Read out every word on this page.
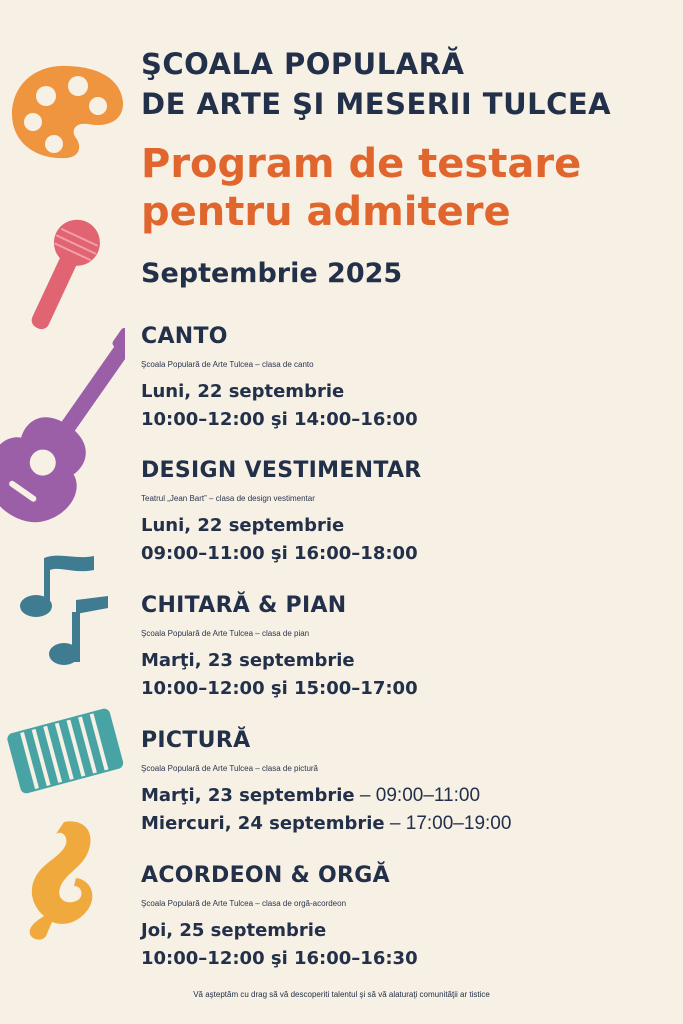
ŞCOALA POPULARĂ
DE ARTE ŞI MESERII TULCEA
Program de testare
pentru admitere
Septembrie 2025
CANTO
Şcoala Populară de Arte Tulcea – clasa de canto
Luni, 22 septembrie
10:00–12:00 şi 14:00–16:00
DESIGN VESTIMENTAR
Teatrul „Jean Bart” – clasa de design vestimentar
Luni, 22 septembrie
09:00–11:00 şi 16:00–18:00
CHITARĂ & PIAN
Şcoala Populară de Arte Tulcea – clasa de pian
Marţi, 23 septembrie
10:00–12:00 şi 15:00–17:00
PICTURĂ
Şcoala Populară de Arte Tulcea – clasa de pictură
Marţi, 23 septembrie – 09:00–11:00
Miercuri, 24 septembrie – 17:00–19:00
ACORDEON & ORGĂ
Şcoala Populară de Arte Tulcea – clasa de orgă-acordeon
Joi, 25 septembrie
10:00–12:00 şi 16:00–16:30
Vă aşteptăm cu drag să vă descoperiti talentul şi să vă alaturaţi comunităţii ar tistice
